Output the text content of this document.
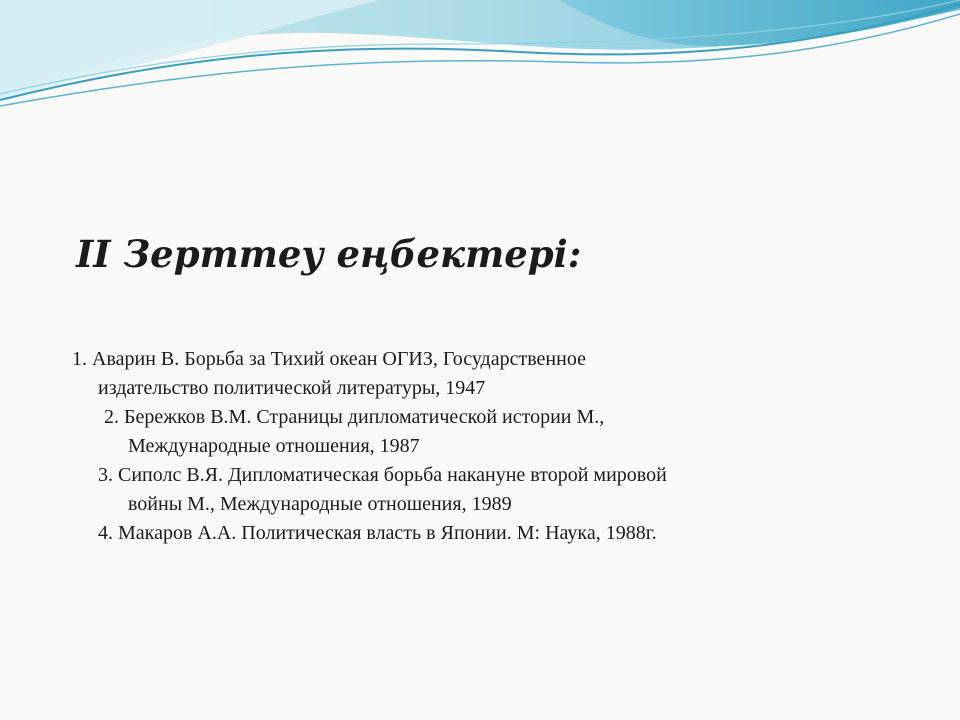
II Зерттеу еңбектері:
1. Аварин В. Борьба за Тихий океан ОГИЗ, Государственное
издательство политической литературы, 1947
2. Бережков В.М. Страницы дипломатической истории М.,
Международные отношения, 1987
3. Сиполс В.Я. Дипломатическая борьба накануне второй мировой
войны М., Международные отношения, 1989
4. Макаров А.А. Политическая власть в Японии. М: Наука, 1988г.
